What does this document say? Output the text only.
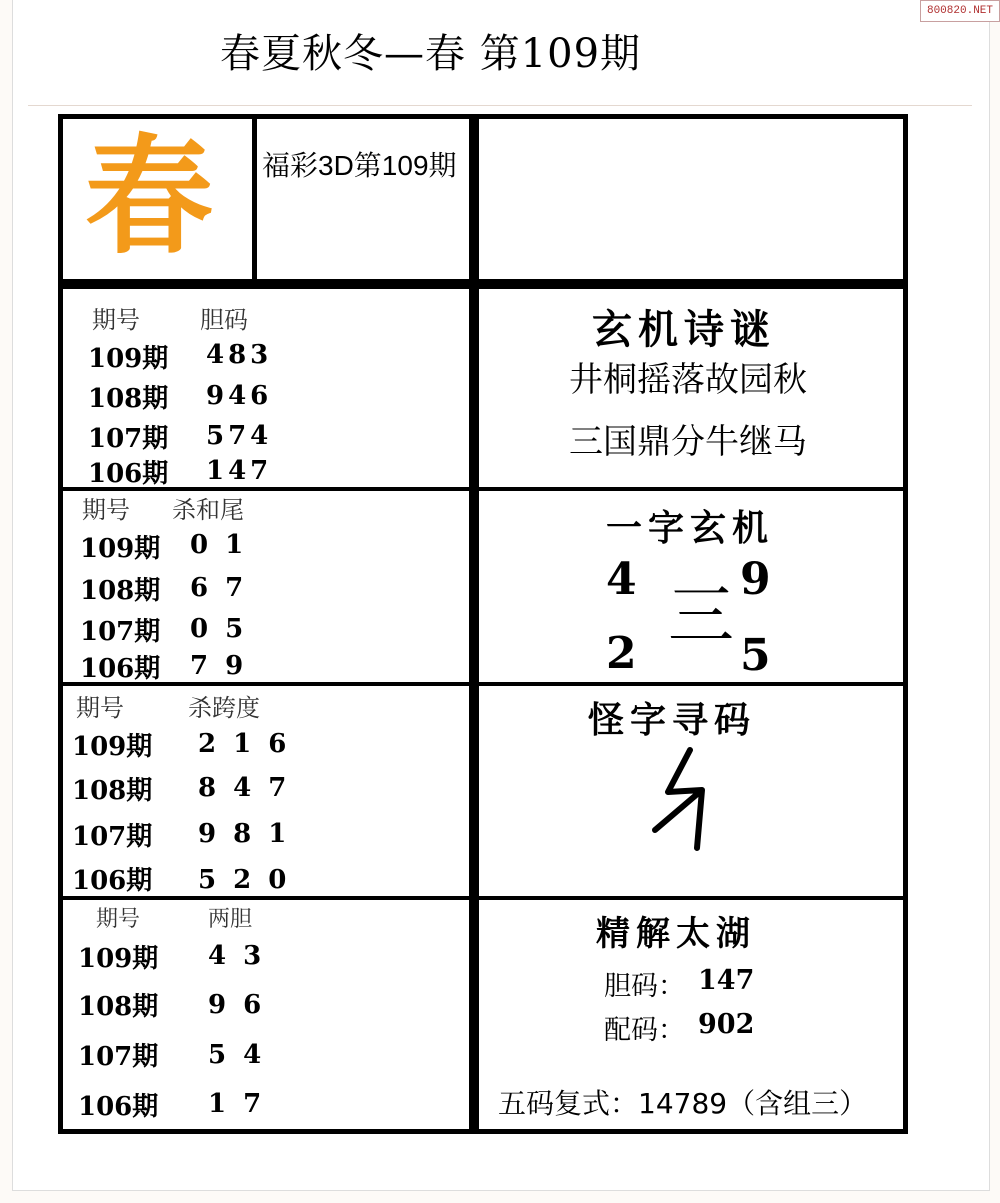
800820.NET
春夏秋冬—春 第109期
春 福彩3D第109期
期号	胆码
109期 483
108期 946
107期 574
106期 147
期号 杀和尾
109期 0 1
108期 6 7
107期 0 5
106期 7 9
期号	杀跨度
109期 2 1 6
108期 8 4 7
107期 9 8 1
106期 5 2 0
期号	两胆
109期 4 3
108期 9 6
107期 5 4
106期 1 7
玄机诗谜
井桐摇落故园秋
三国鼎分牛继马
一字玄机
4 9
2 5
三
怪字寻码
精解太湖
胆码： 147
配码： 902
五码复式：14789（含组三）
